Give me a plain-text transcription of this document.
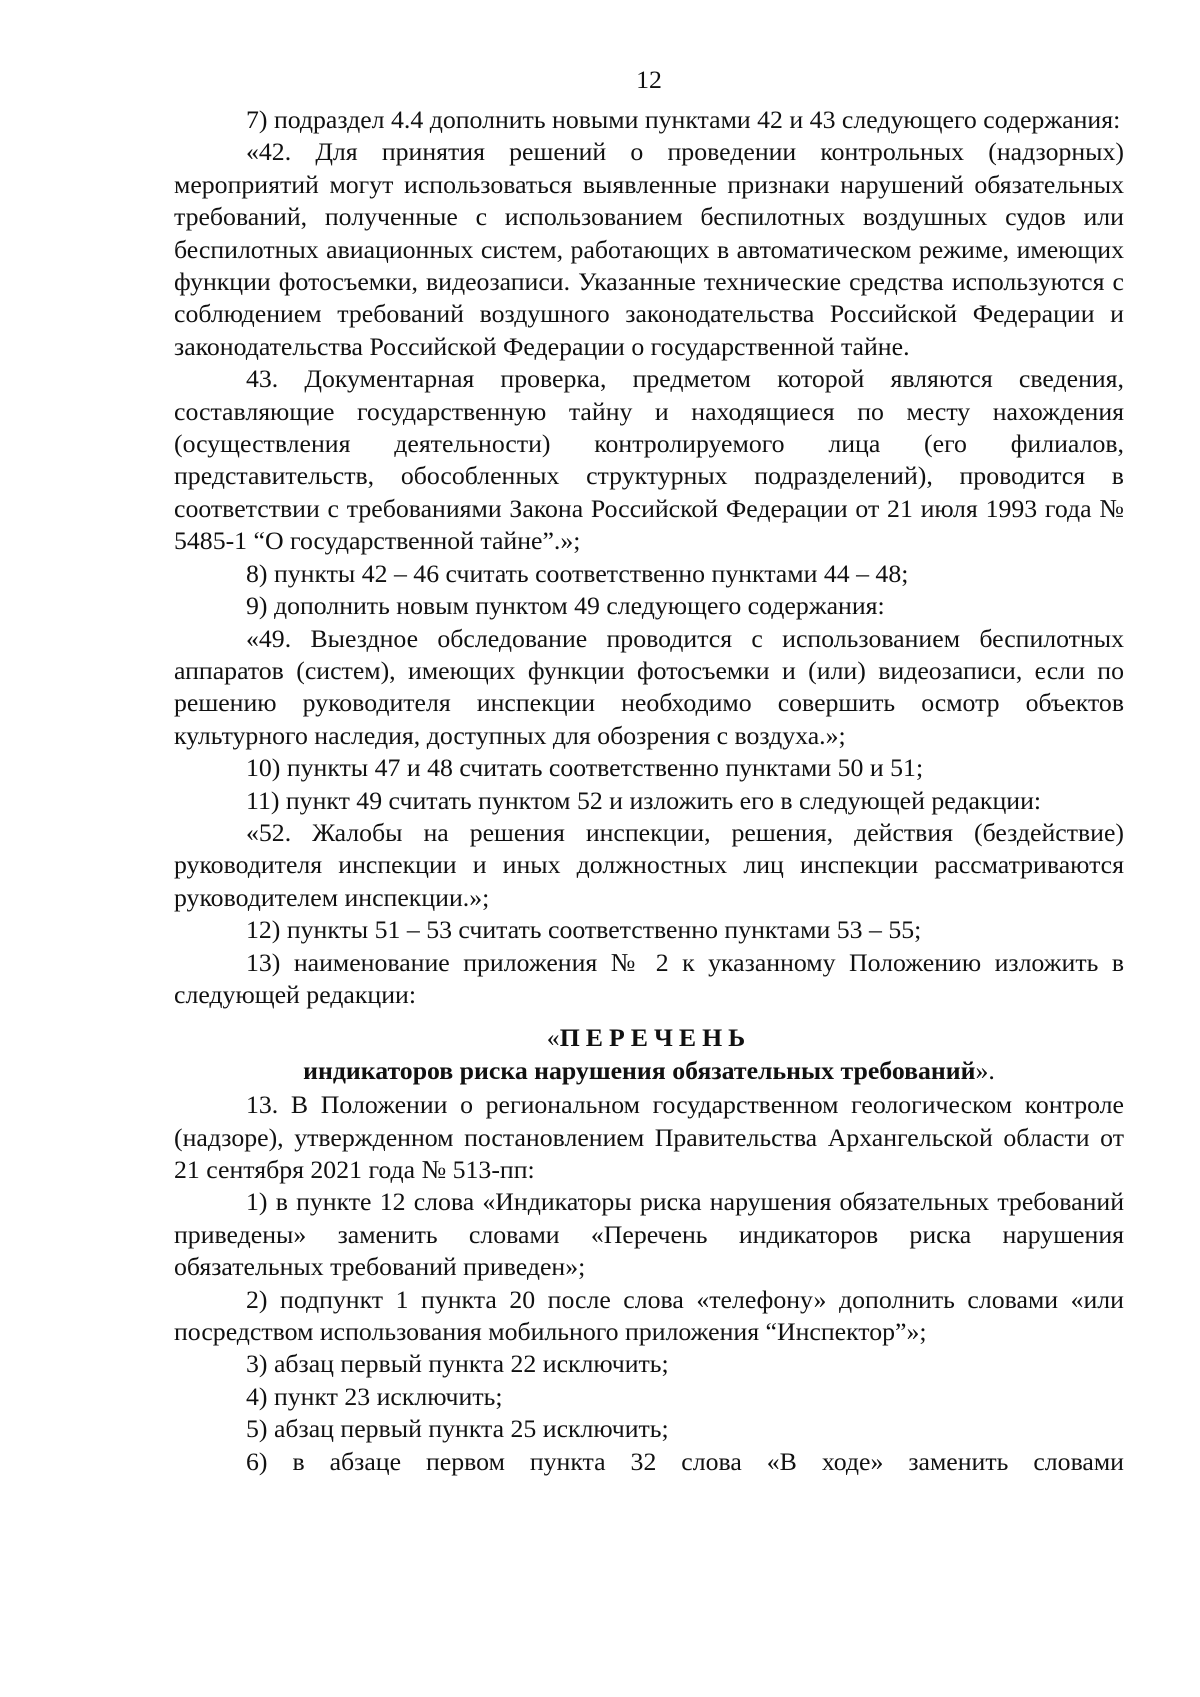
12

7) подраздел 4.4 дополнить новыми пунктами 42 и 43 следующего содержания:

«42. Для принятия решений о проведении контрольных (надзорных) мероприятий могут использоваться выявленные признаки нарушений обязательных требований, полученные с использованием беспилотных воздушных судов или беспилотных авиационных систем, работающих в автоматическом режиме, имеющих функции фотосъемки, видеозаписи. Указанные технические средства используются с соблюдением требований воздушного законодательства Российской Федерации и законодательства Российской Федерации о государственной тайне.

43. Документарная проверка, предметом которой являются сведения, составляющие государственную тайну и находящиеся по месту нахождения (осуществления деятельности) контролируемого лица (его филиалов, представительств, обособленных структурных подразделений), проводится в соответствии с требованиями Закона Российской Федерации от 21 июля 1993 года № 5485-1 “О государственной тайне”.»;

8) пункты 42 – 46 считать соответственно пунктами 44 – 48;

9) дополнить новым пунктом 49 следующего содержания:

«49. Выездное обследование проводится с использованием беспилотных аппаратов (систем), имеющих функции фотосъемки и (или) видеозаписи, если по решению руководителя инспекции необходимо совершить осмотр объектов культурного наследия, доступных для обозрения с воздуха.»;

10) пункты 47 и 48 считать соответственно пунктами 50 и 51;

11) пункт 49 считать пунктом 52 и изложить его в следующей редакции:

«52. Жалобы на решения инспекции, решения, действия (бездействие) руководителя инспекции и иных должностных лиц инспекции рассматриваются руководителем инспекции.»;

12) пункты 51 – 53 считать соответственно пунктами 53 – 55;

13) наименование приложения № 2 к указанному Положению изложить в следующей редакции:

«ПЕРЕЧЕНЬ

индикаторов риска нарушения обязательных требований».

13. В Положении о региональном государственном геологическом контроле (надзоре), утвержденном постановлением Правительства Архангельской области от 21 сентября 2021 года № 513-пп:

1) в пункте 12 слова «Индикаторы риска нарушения обязательных требований приведены» заменить словами «Перечень индикаторов риска нарушения обязательных требований приведен»;

2) подпункт 1 пункта 20 после слова «телефону» дополнить словами «или посредством использования мобильного приложения “Инспектор”»;

3) абзац первый пункта 22 исключить;

4) пункт 23 исключить;

5) абзац первый пункта 25 исключить;

6) в абзаце первом пункта 32 слова «В ходе» заменить словами
